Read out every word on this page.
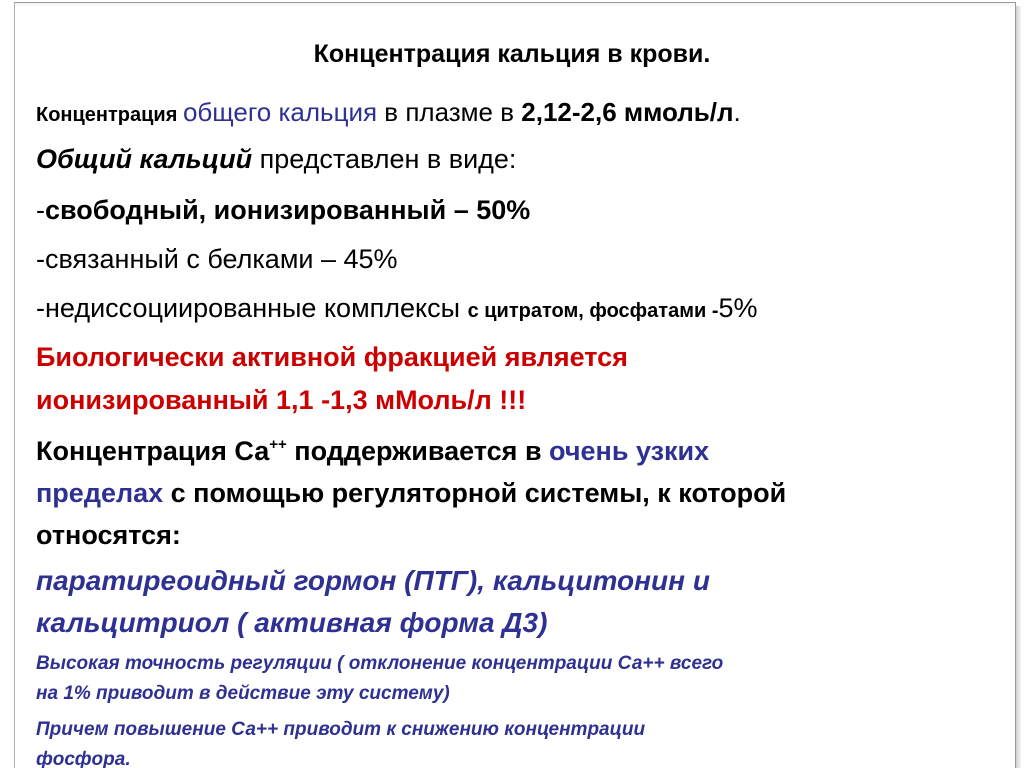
Концентрация кальция в крови.

Концентрация общего кальция в плазме в 2,12-2,6 ммоль/л.

Общий кальций представлен в виде:

-свободный, ионизированный – 50%

-связанный с белками – 45%

-недиссоциированные комплексы с цитратом, фосфатами -5%

Биологически активной фракцией является

ионизированный 1,1 -1,3 мМоль/л !!!

Концентрация Са++ поддерживается в очень узких

пределах с помощью регуляторной системы, к которой

относятся:

паратиреоидный гормон (ПТГ), кальцитонин и

кальцитриол ( активная форма Д3)

Высокая точность регуляции ( отклонение концентрации Са++ всего

на 1% приводит в действие эту систему)

Причем повышение Са++ приводит к снижению концентрации

фосфора.
